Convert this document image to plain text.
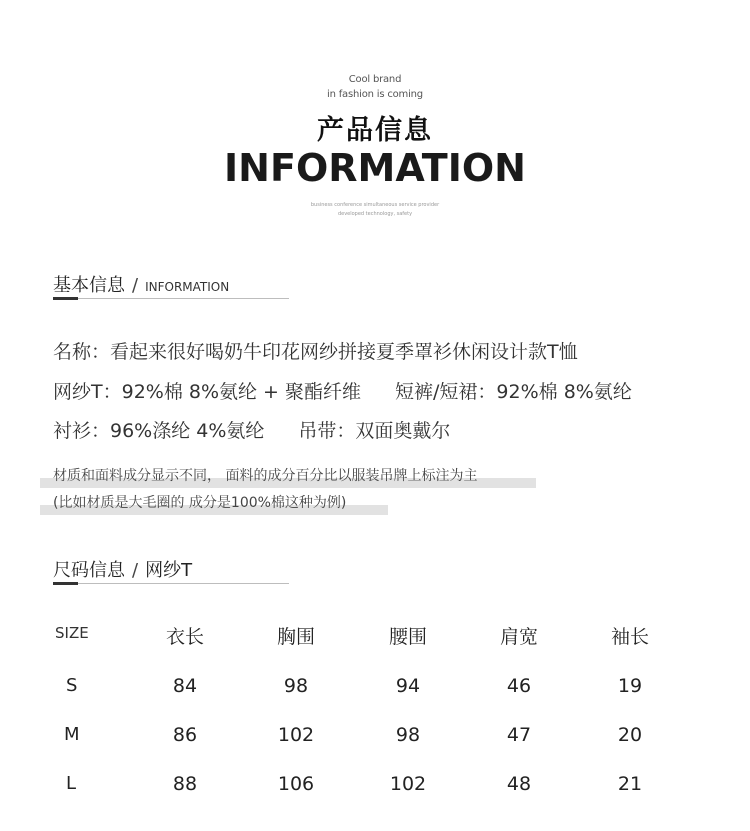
Cool brand
in fashion is coming
产品信息
INFORMATION
business conference simultaneous service provider
developed technology, safety
基本信息 / INFORMATION
名称：看起来很好喝奶牛印花网纱拼接夏季罩衫休闲设计款T恤
网纱T：92%棉 8%氨纶 + 聚酯纤维 短裤/短裙：92%棉 8%氨纶
衬衫：96%涤纶 4%氨纶 吊带：双面奥戴尔
材质和面料成分显示不同， 面料的成分百分比以服装吊牌上标注为主
(比如材质是大毛圈的 成分是100%棉这种为例)
尺码信息 / 网纱T
SIZE	衣长	胸围	腰围	肩宽	袖长
S	84	98	94	46	19
M	86	102	98	47	20
L	88	106	102	48	21
